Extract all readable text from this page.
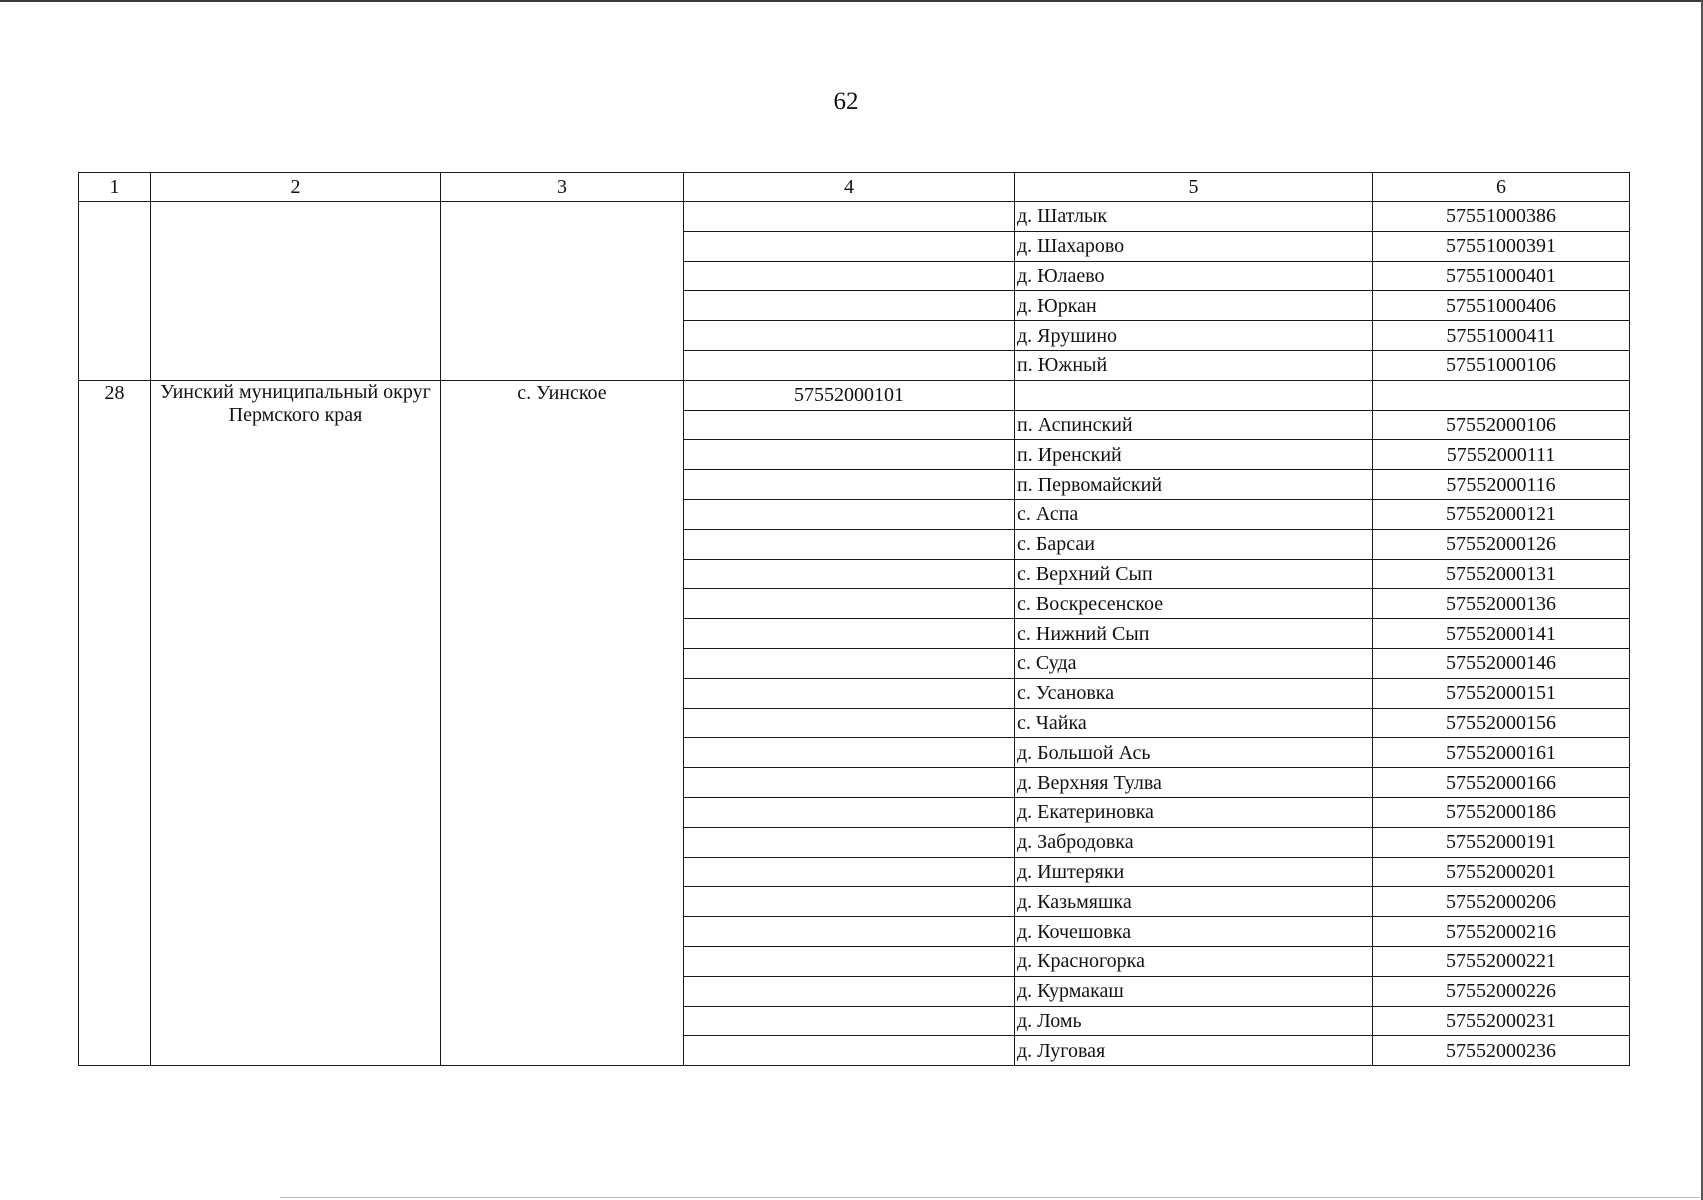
62
1	2	3	4	5	6
				д. Шатлык	57551000386
				д. Шахарово	57551000391
				д. Юлаево	57551000401
				д. Юркан	57551000406
				д. Ярушино	57551000411
				п. Южный	57551000106
28	Уинский муниципальный округ Пермского края	с. Уинское	57552000101		
				п. Аспинский	57552000106
				п. Иренский	57552000111
				п. Первомайский	57552000116
				с. Аспа	57552000121
				с. Барсаи	57552000126
				с. Верхний Сып	57552000131
				с. Воскресенское	57552000136
				с. Нижний Сып	57552000141
				с. Суда	57552000146
				с. Усановка	57552000151
				с. Чайка	57552000156
				д. Большой Ась	57552000161
				д. Верхняя Тулва	57552000166
				д. Екатериновка	57552000186
				д. Забродовка	57552000191
				д. Иштеряки	57552000201
				д. Казьмяшка	57552000206
				д. Кочешовка	57552000216
				д. Красногорка	57552000221
				д. Курмакаш	57552000226
				д. Ломь	57552000231
				д. Луговая	57552000236
